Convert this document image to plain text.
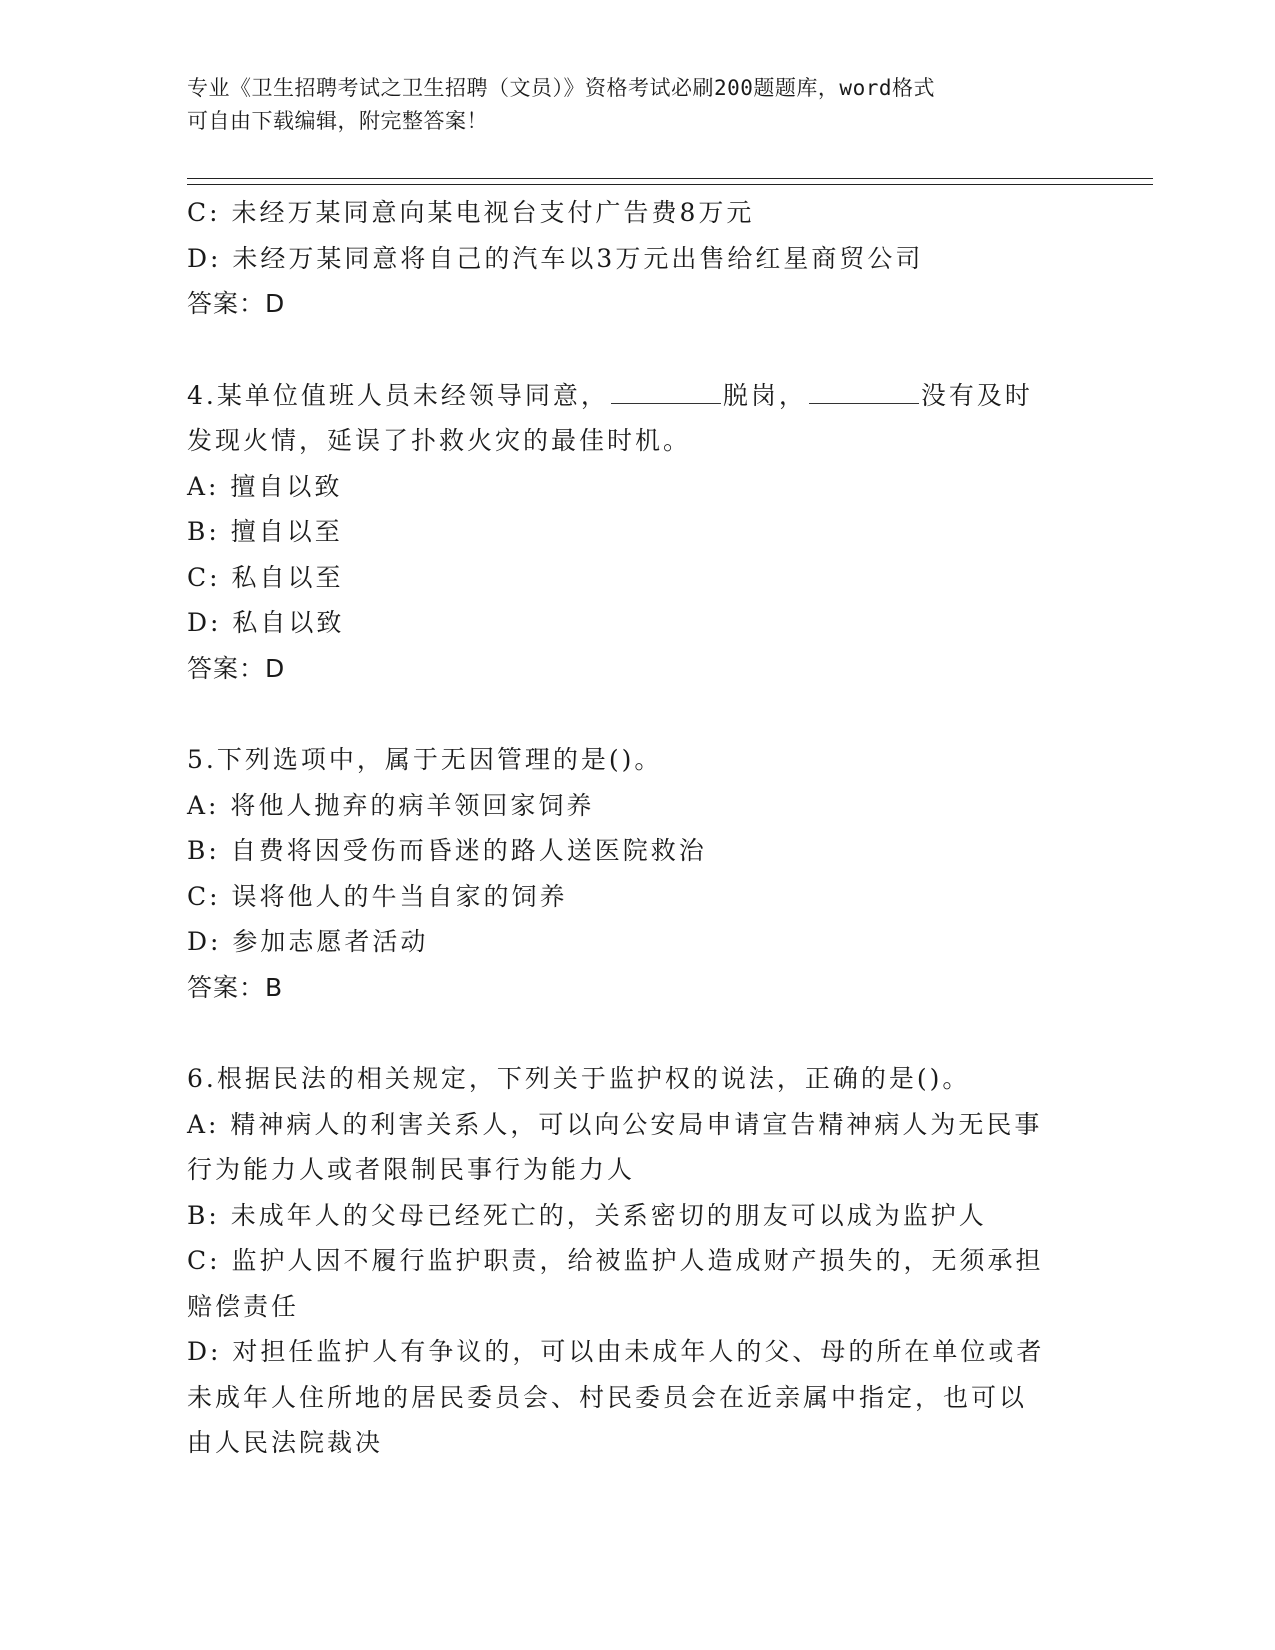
专业《卫生招聘考试之卫生招聘（文员）》资格考试必刷200题题库，word格式
可自由下载编辑，附完整答案！
C: 未经万某同意向某电视台支付广告费8万元
D: 未经万某同意将自己的汽车以3万元出售给红星商贸公司
答案：D
4.某单位值班人员未经领导同意，	脱岗，	没有及时
发现火情，延误了扑救火灾的最佳时机。
A: 擅自以致
B: 擅自以至
C: 私自以至
D: 私自以致
答案：D
5.下列选项中，属于无因管理的是()。
A: 将他人抛弃的病羊领回家饲养
B: 自费将因受伤而昏迷的路人送医院救治
C: 误将他人的牛当自家的饲养
D: 参加志愿者活动
答案：B
6.根据民法的相关规定，下列关于监护权的说法，正确的是()。
A: 精神病人的利害关系人，可以向公安局申请宣告精神病人为无民事
行为能力人或者限制民事行为能力人
B: 未成年人的父母已经死亡的，关系密切的朋友可以成为监护人
C: 监护人因不履行监护职责，给被监护人造成财产损失的，无须承担
赔偿责任
D: 对担任监护人有争议的，可以由未成年人的父、母的所在单位或者
未成年人住所地的居民委员会、村民委员会在近亲属中指定，也可以
由人民法院裁决
